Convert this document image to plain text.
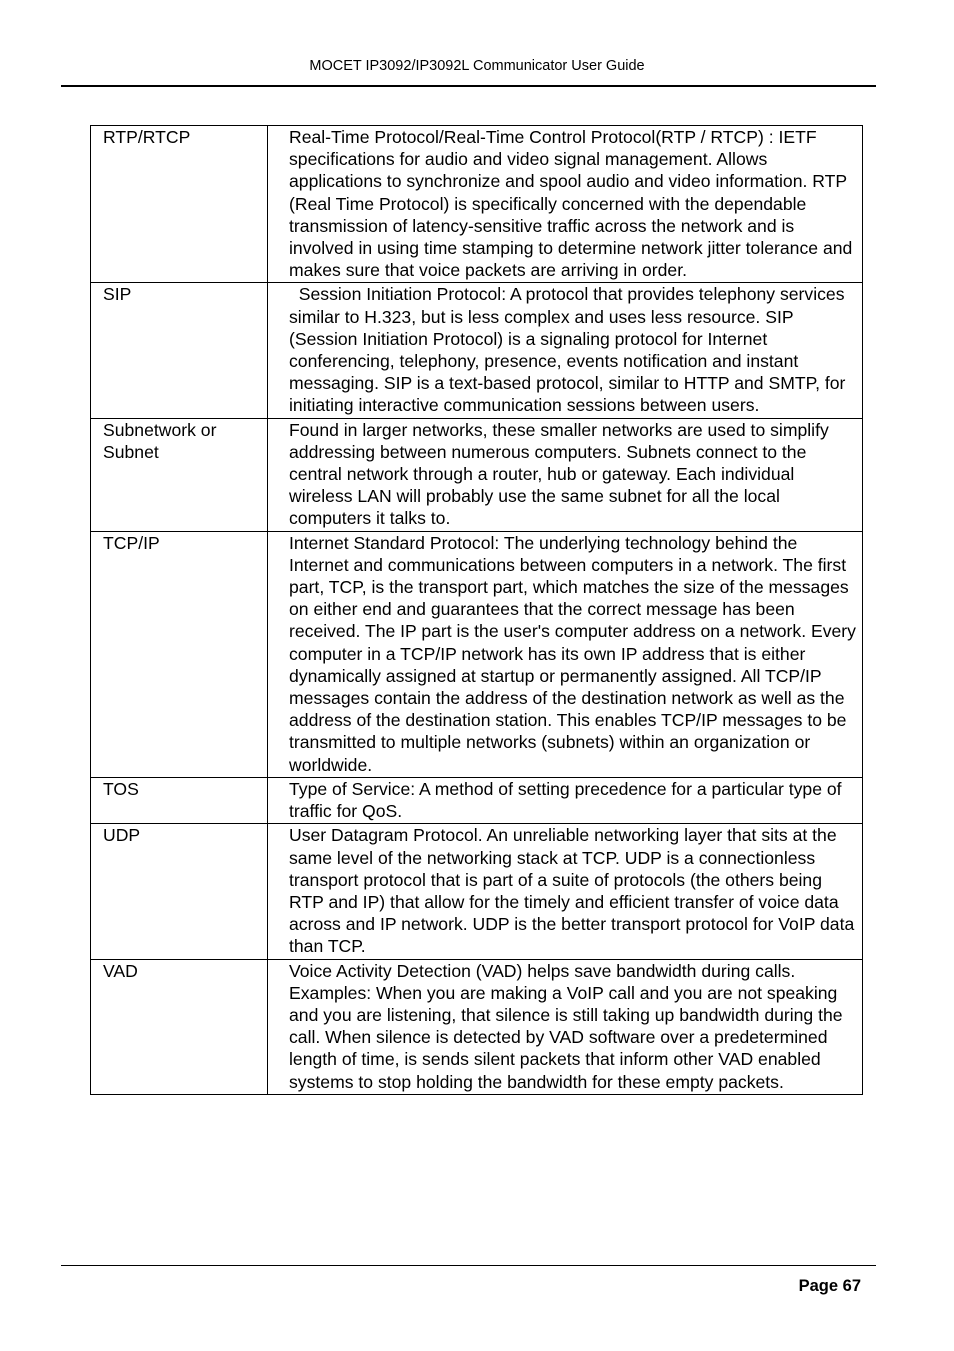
MOCET IP3092/IP3092L Communicator User Guide
RTP/RTCP	Real-Time Protocol/Real-Time Control Protocol(RTP / RTCP) : IETF specifications for audio and video signal management. Allows applications to synchronize and spool audio and video information. RTP (Real Time Protocol) is specifically concerned with the dependable transmission of latency-sensitive traffic across the network and is involved in using time stamping to determine network jitter tolerance and makes sure that voice packets are arriving in order.
SIP	Session Initiation Protocol: A protocol that provides telephony services similar to H.323, but is less complex and uses less resource. SIP (Session Initiation Protocol) is a signaling protocol for Internet conferencing, telephony, presence, events notification and instant messaging. SIP is a text-based protocol, similar to HTTP and SMTP, for initiating interactive communication sessions between users.
Subnetwork or Subnet	Found in larger networks, these smaller networks are used to simplify addressing between numerous computers. Subnets connect to the central network through a router, hub or gateway. Each individual wireless LAN will probably use the same subnet for all the local computers it talks to.
TCP/IP	Internet Standard Protocol: The underlying technology behind the Internet and communications between computers in a network. The first part, TCP, is the transport part, which matches the size of the messages on either end and guarantees that the correct message has been received. The IP part is the user's computer address on a network. Every computer in a TCP/IP network has its own IP address that is either dynamically assigned at startup or permanently assigned. All TCP/IP messages contain the address of the destination network as well as the address of the destination station. This enables TCP/IP messages to be transmitted to multiple networks (subnets) within an organization or worldwide.
TOS	Type of Service: A method of setting precedence for a particular type of traffic for QoS.
UDP	User Datagram Protocol. An unreliable networking layer that sits at the same level of the networking stack at TCP. UDP is a connectionless transport protocol that is part of a suite of protocols (the others being RTP and IP) that allow for the timely and efficient transfer of voice data across and IP network. UDP is the better transport protocol for VoIP data than TCP.
VAD	Voice Activity Detection (VAD) helps save bandwidth during calls. Examples: When you are making a VoIP call and you are not speaking and you are listening, that silence is still taking up bandwidth during the call. When silence is detected by VAD software over a predetermined length of time, is sends silent packets that inform other VAD enabled systems to stop holding the bandwidth for these empty packets.
Page 67
